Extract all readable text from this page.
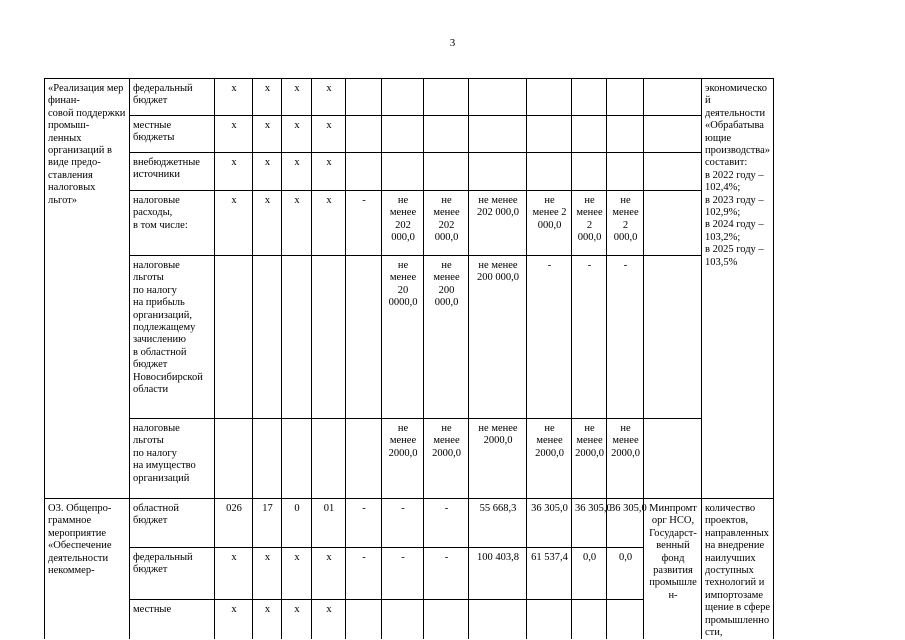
3
«Реализация мер финан-
совой поддержки промыш-
ленных организаций в виде предо-
ставления налоговых льгот»	федеральный бюджет	х	х	х	х									экономической деятельности «Обрабатывающие производства» составит:
в 2022 году – 102,4%;
в 2023 году – 102,9%;
в 2024 году – 103,2%;
в 2025 году – 103,5%
	местные бюджеты	х	х	х	х									
	внебюджетные источники	х	х	х	х									
	налоговые расходы,
в том числе:	х	х	х	х	-	не менее 202 000,0	не менее 202 000,0	не менее 202 000,0	не менее 2 000,0	не менее 2 000,0	не менее 2 000,0		
	налоговые льготы
по налогу
на прибыль организаций, подлежащему зачислению
в областной бюджет Новосибирской области						не менее 20 0000,0	не менее 200 000,0	не менее 200 000,0	-	-	-		
	налоговые льготы
по налогу
на имущество организаций						не менее 2000,0	не менее 2000,0	не менее 2000,0	не менее 2000,0	не менее 2000,0	не менее 2000,0		
О3. Общепро-
граммное мероприятие «Обеспечение деятельности некоммер-	областной бюджет	026	17	0	01	-	-	-	55 668,3	36 305,0	36 305,0	36 305,0	Минпромторг НСО, Государст-венный фонд развития промышлен-	количество проектов, направленных на внедрение наилучших доступных технологий и импортозамещение в сфере промышленности,
	федеральный бюджет	х	х	х	х	-	-	-	100 403,8	61 537,4	0,0	0,0		
	местные	х	х	х	х									
